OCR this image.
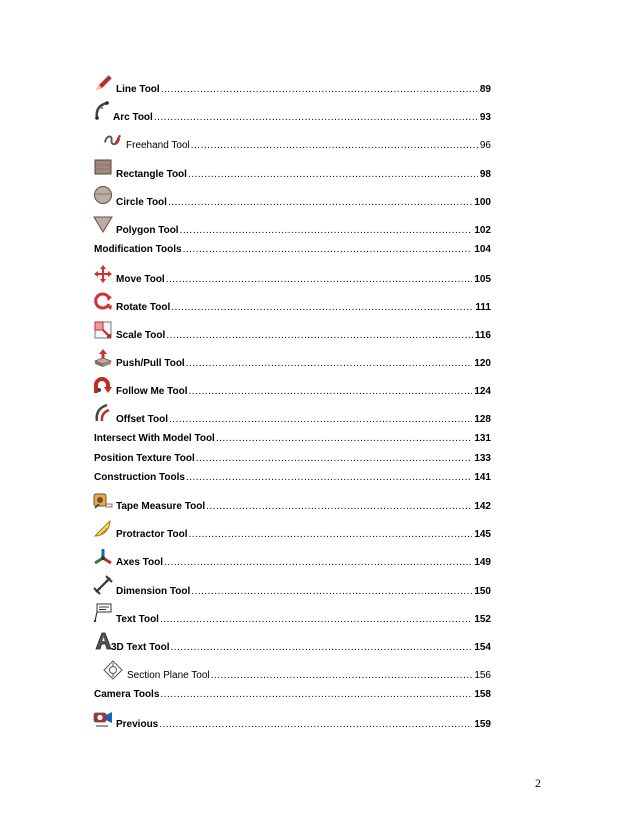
Line Tool .....	89
Arc Tool .....	93
Freehand Tool .....	96
Rectangle Tool .....	98
Circle Tool .....	100
Polygon Tool .....	102
Modification Tools .....	104
Move Tool .....	105
Rotate Tool .....	111
Scale Tool .....	116
Push/Pull Tool .....	120
Follow Me Tool .....	124
Offset Tool .....	128
Intersect With Model Tool .....	131
Position Texture Tool .....	133
Construction Tools .....	141
Tape Measure Tool .....	142
Protractor Tool .....	145
Axes Tool .....	149
Dimension Tool .....	150
Text Tool .....	152
3D Text Tool .....	154
Section Plane Tool .....	156
Camera Tools .....	158
Previous .....	159
2
